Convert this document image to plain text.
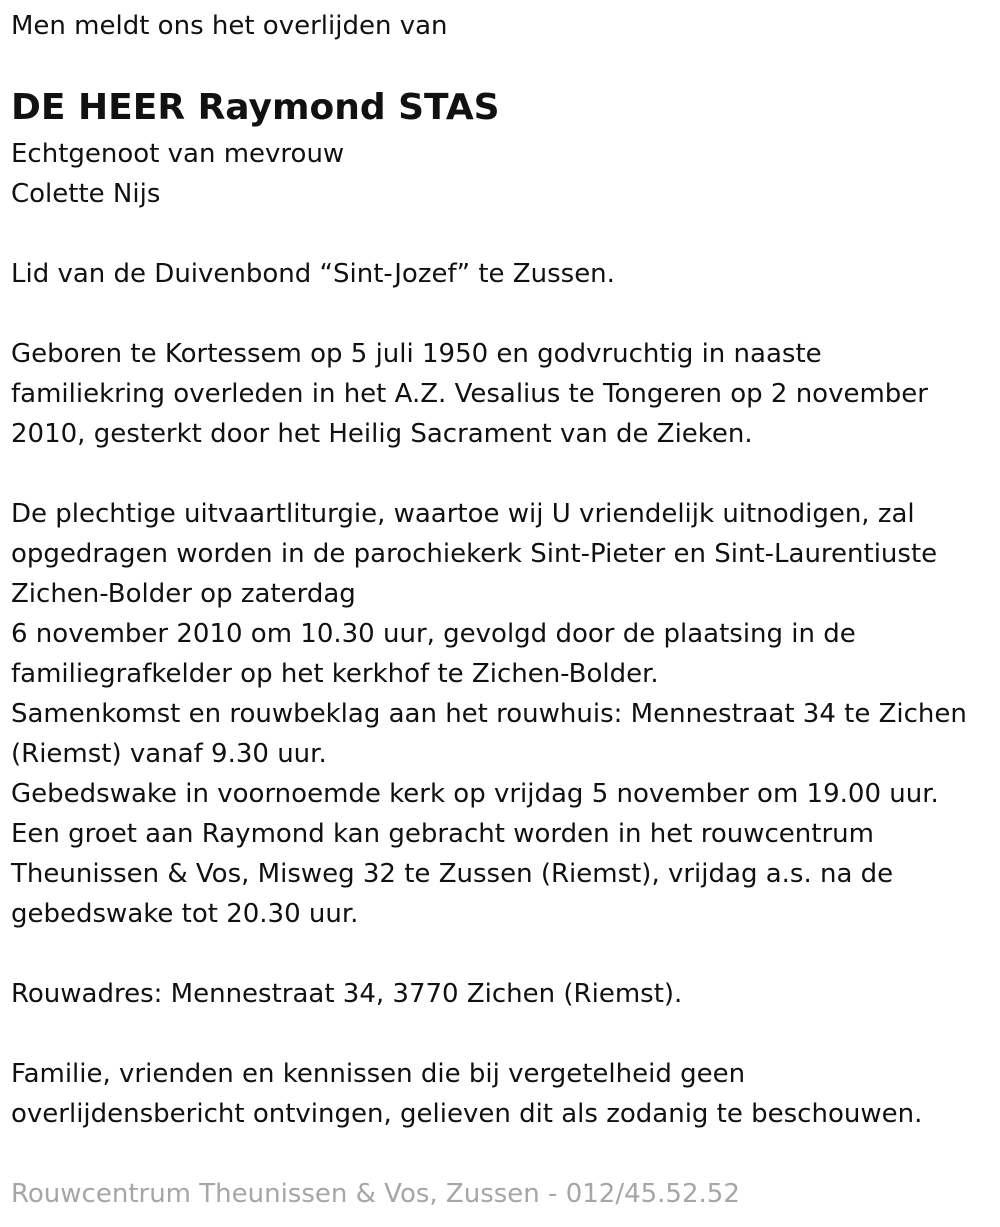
Men meldt ons het overlijden van

DE HEER Raymond STAS

Echtgenoot van mevrouw

Colette Nijs

Lid van de Duivenbond “Sint-Jozef” te Zussen.

Geboren te Kortessem op 5 juli 1950 en godvruchtig in naaste

familiekring overleden in het A.Z. Vesalius te Tongeren op 2 november

2010, gesterkt door het Heilig Sacrament van de Zieken.

De plechtige uitvaartliturgie, waartoe wij U vriendelijk uitnodigen, zal

opgedragen worden in de parochiekerk Sint-Pieter en Sint-Laurentiuste

Zichen-Bolder op zaterdag

6 november 2010 om 10.30 uur, gevolgd door de plaatsing in de

familiegrafkelder op het kerkhof te Zichen-Bolder.

Samenkomst en rouwbeklag aan het rouwhuis: Mennestraat 34 te Zichen

(Riemst) vanaf 9.30 uur.

Gebedswake in voornoemde kerk op vrijdag 5 november om 19.00 uur.

Een groet aan Raymond kan gebracht worden in het rouwcentrum

Theunissen & Vos, Misweg 32 te Zussen (Riemst), vrijdag a.s. na de

gebedswake tot 20.30 uur.

Rouwadres: Mennestraat 34, 3770 Zichen (Riemst).

Familie, vrienden en kennissen die bij vergetelheid geen

overlijdensbericht ontvingen, gelieven dit als zodanig te beschouwen.

Rouwcentrum Theunissen & Vos, Zussen - 012/45.52.52
